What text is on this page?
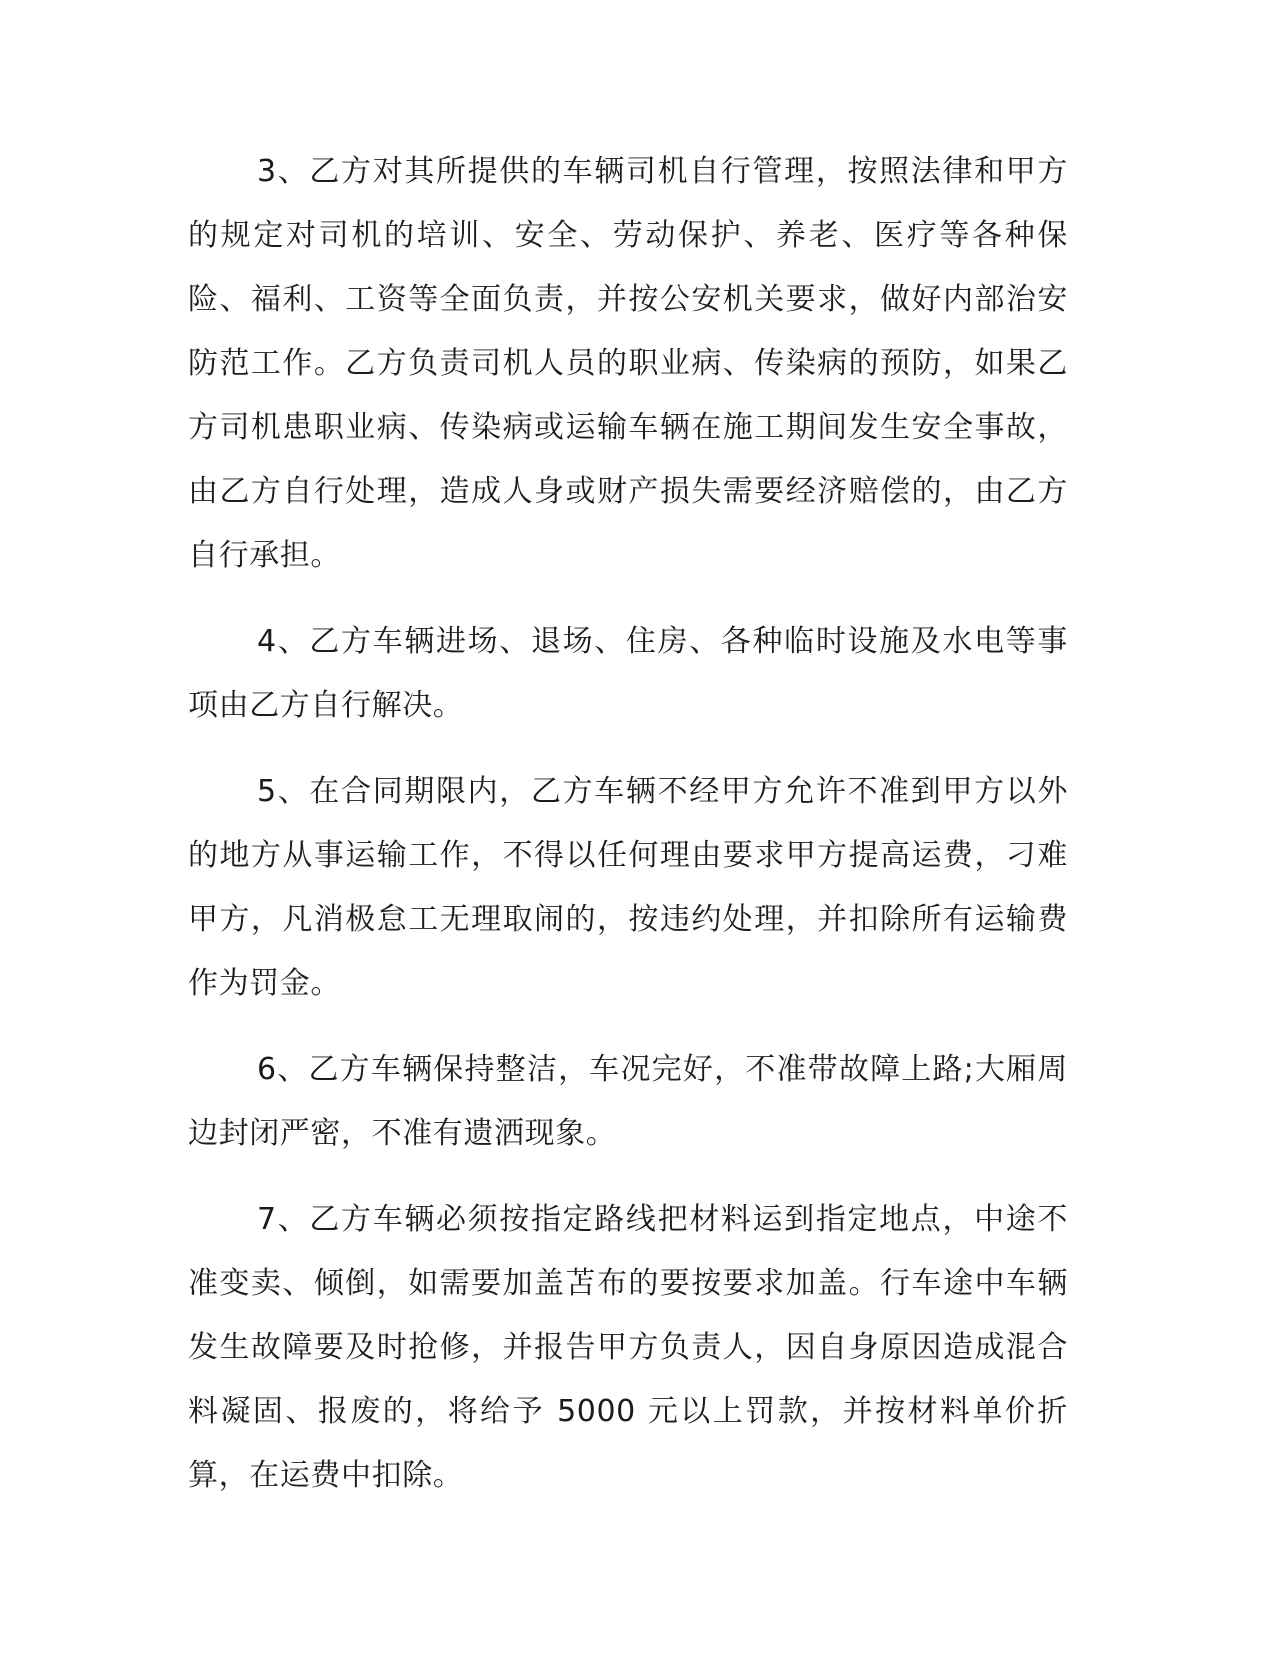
3、乙方对其所提供的车辆司机自行管理，按照法律和甲方的规定对司机的培训、安全、劳动保护、养老、医疗等各种保险、福利、工资等全面负责，并按公安机关要求，做好内部治安防范工作。乙方负责司机人员的职业病、传染病的预防，如果乙方司机患职业病、传染病或运输车辆在施工期间发生安全事故，由乙方自行处理，造成人身或财产损失需要经济赔偿的，由乙方自行承担。

4、乙方车辆进场、退场、住房、各种临时设施及水电等事项由乙方自行解决。

5、在合同期限内，乙方车辆不经甲方允许不准到甲方以外的地方从事运输工作，不得以任何理由要求甲方提高运费，刁难甲方，凡消极怠工无理取闹的，按违约处理，并扣除所有运输费作为罚金。

6、乙方车辆保持整洁，车况完好，不准带故障上路;大厢周边封闭严密，不准有遗洒现象。

7、乙方车辆必须按指定路线把材料运到指定地点，中途不准变卖、倾倒，如需要加盖苫布的要按要求加盖。行车途中车辆发生故障要及时抢修，并报告甲方负责人，因自身原因造成混合料凝固、报废的，将给予 5000 元以上罚款，并按材料单价折算，在运费中扣除。
